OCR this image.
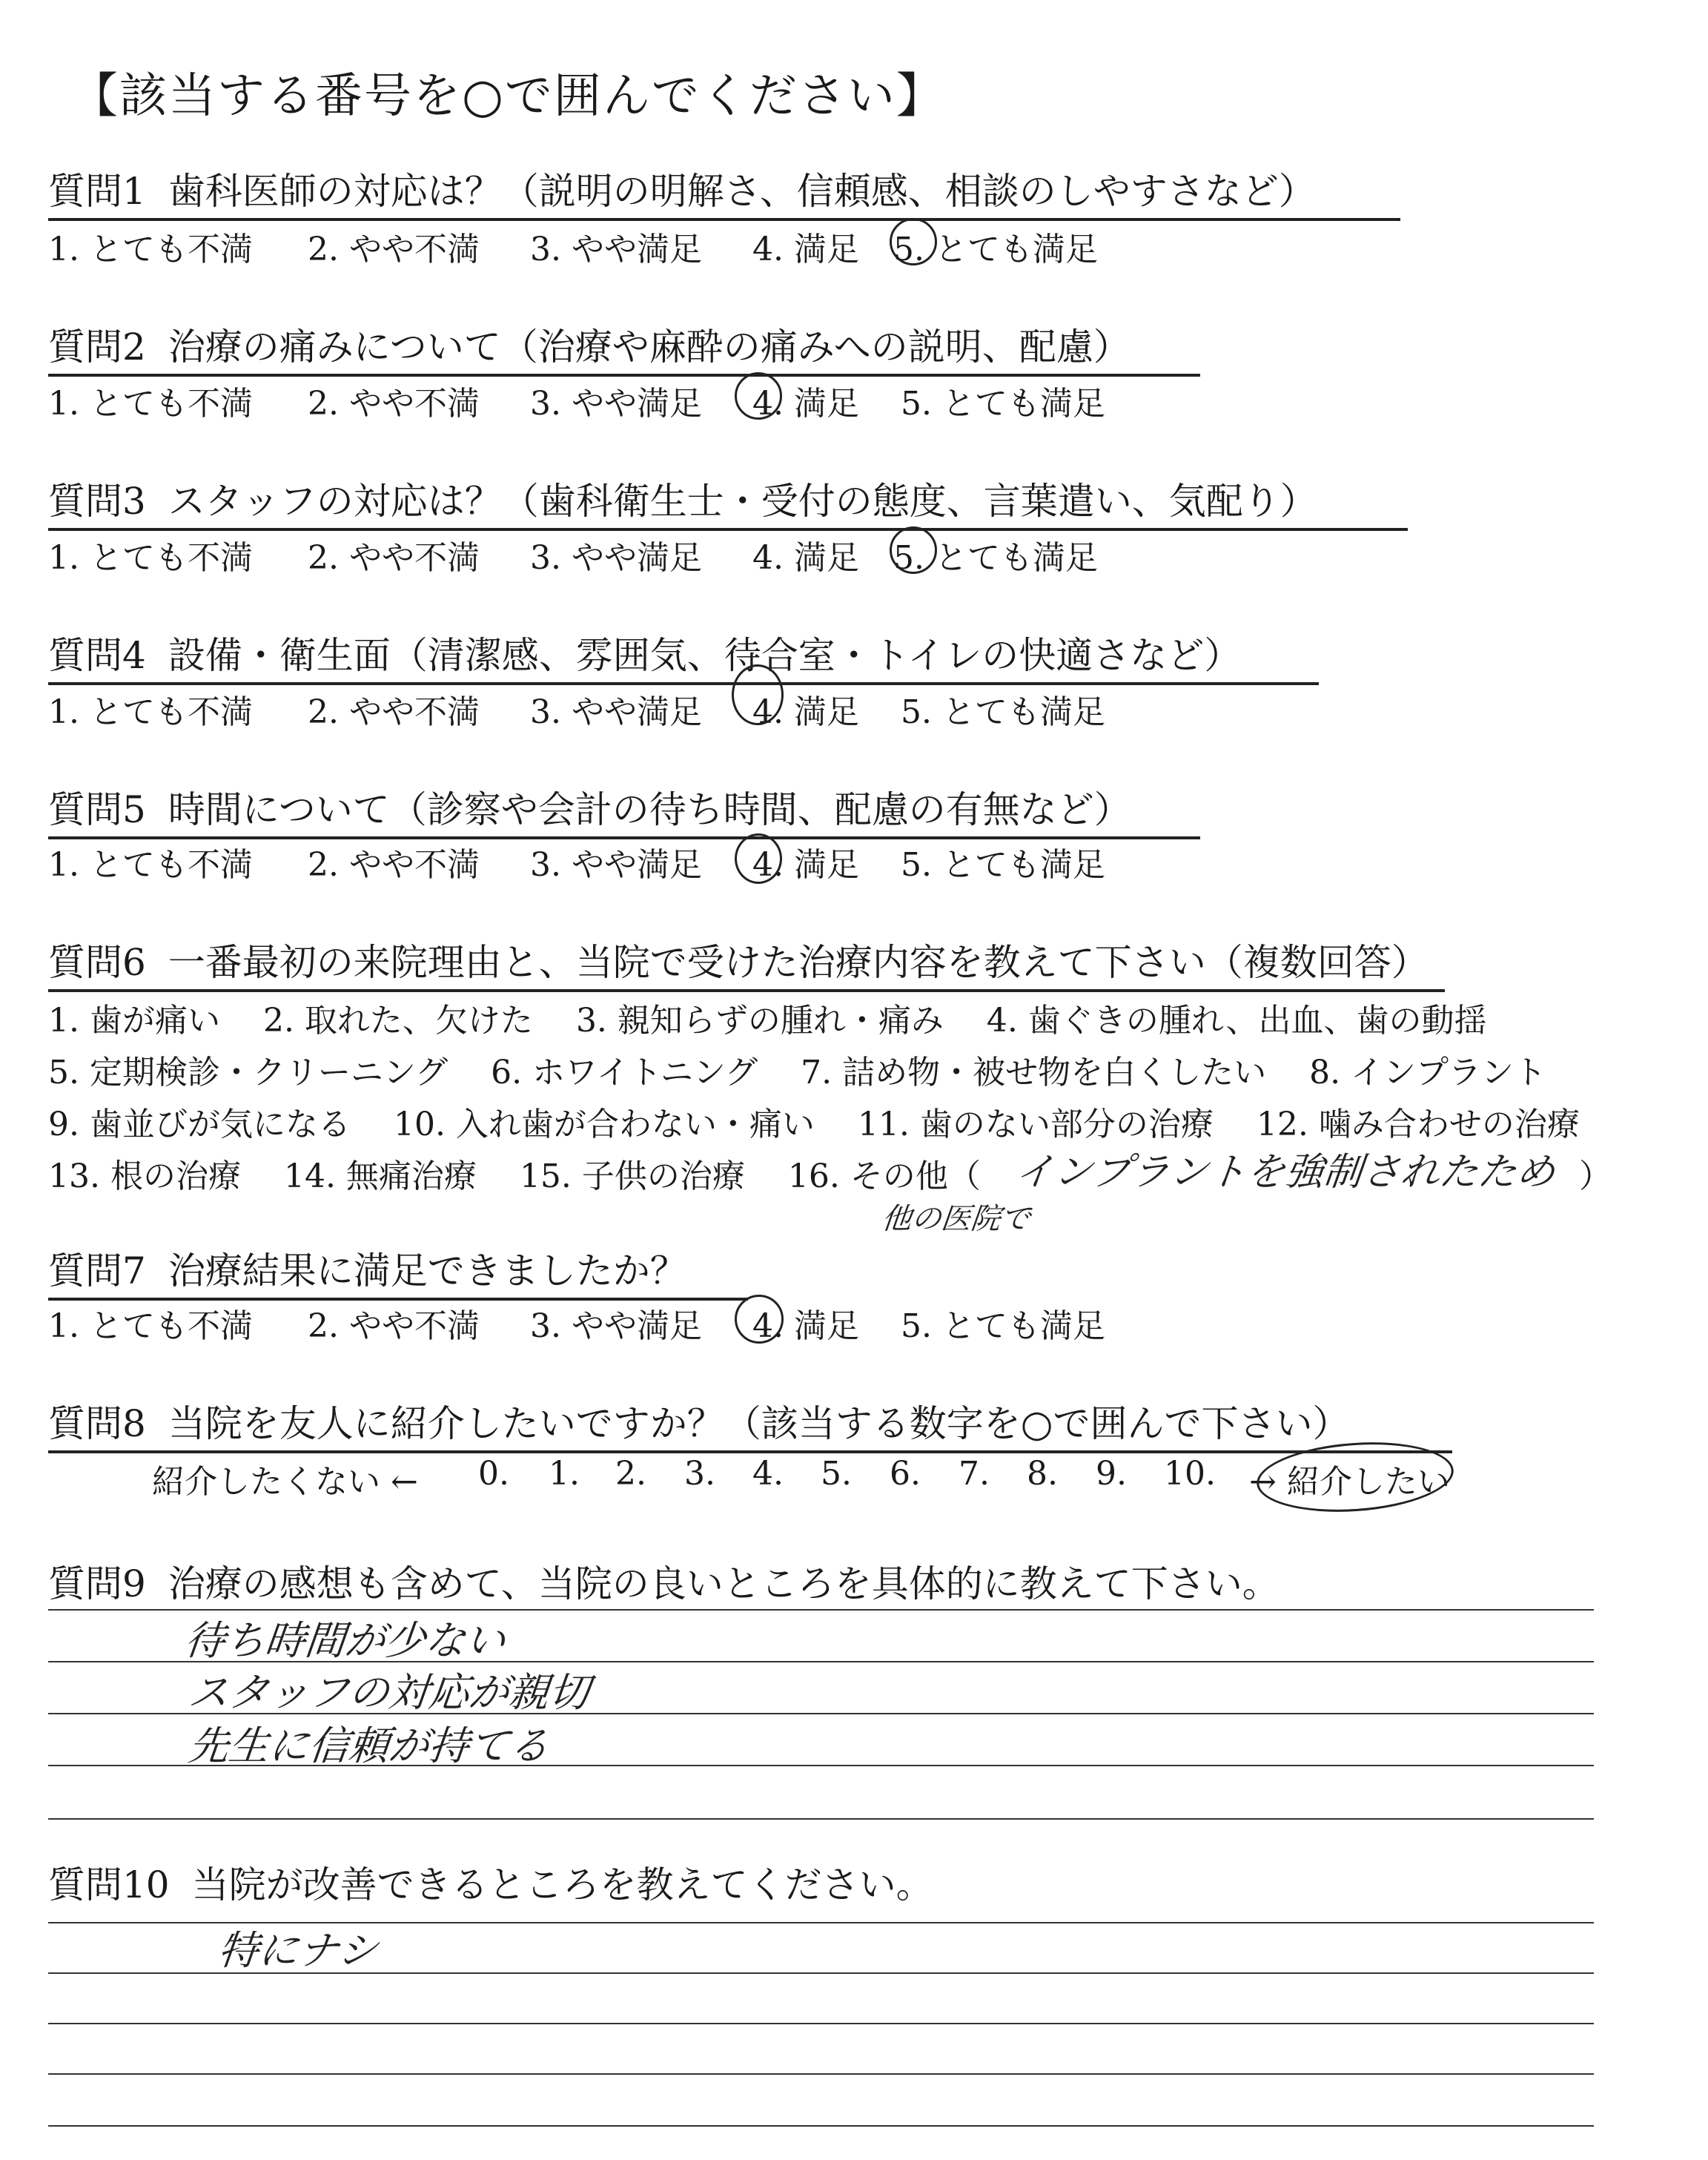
【該当する番号を○で囲んでください】
質問1 歯科医師の対応は？（説明の明解さ、信頼感、相談のしやすさなど）
1. とても不満 2. やや不満 3. やや満足 4. 満足 5. とても満足
質問2 治療の痛みについて（治療や麻酔の痛みへの説明、配慮）
1. とても不満 2. やや不満 3. やや満足 4. 満足 5. とても満足
質問3 スタッフの対応は？（歯科衛生士・受付の態度、言葉遣い、気配り）
1. とても不満 2. やや不満 3. やや満足 4. 満足 5. とても満足
質問4 設備・衛生面（清潔感、雰囲気、待合室・トイレの快適さなど）
1. とても不満 2. やや不満 3. やや満足 4. 満足 5. とても満足
質問5 時間について（診察や会計の待ち時間、配慮の有無など）
1. とても不満 2. やや不満 3. やや満足 4. 満足 5. とても満足
質問6 一番最初の来院理由と、当院で受けた治療内容を教えて下さい（複数回答）
1. 歯が痛い 2. 取れた、欠けた 3. 親知らずの腫れ・痛み 4. 歯ぐきの腫れ、出血、歯の動揺
5. 定期検診・クリーニング 6. ホワイトニング 7. 詰め物・被せ物を白くしたい 8. インプラント
9. 歯並びが気になる 10. 入れ歯が合わない・痛い 11. 歯のない部分の治療 12. 噛み合わせの治療
13. 根の治療 14. 無痛治療 15. 子供の治療 16. その他（ インプラントを強制されたため ）
他の医院で
質問7 治療結果に満足できましたか？
1. とても不満 2. やや不満 3. やや満足 4. 満足 5. とても満足
質問8 当院を友人に紹介したいですか？（該当する数字を○で囲んで下さい）
紹介したくない ← 0. 1. 2. 3. 4. 5. 6. 7. 8. 9. 10. → 紹介したい
質問9 治療の感想も含めて、当院の良いところを具体的に教えて下さい。
待ち時間が少ない
スタッフの対応が親切
先生に信頼が持てる
質問10 当院が改善できるところを教えてください。
特にナシ
